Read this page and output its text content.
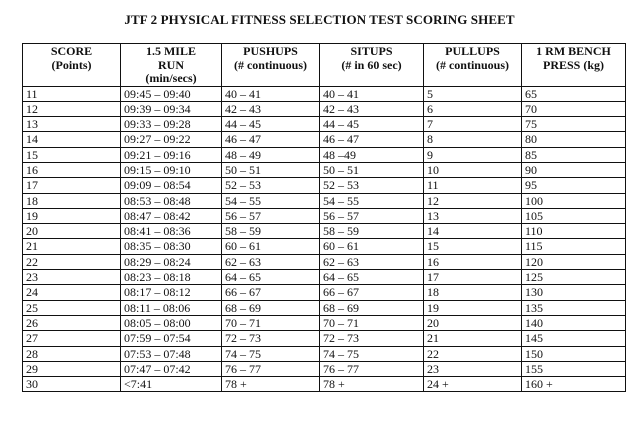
JTF 2 PHYSICAL FITNESS SELECTION TEST SCORING SHEET
SCORE
(Points)	1.5 MILE
RUN
(min/secs)	PUSHUPS
(# continuous)	SITUPS
(# in 60 sec)	PULLUPS
(# continuous)	1 RM BENCH
PRESS (kg)

11	09:45 – 09:40	40 – 41	40 – 41	5	65
12	09:39 – 09:34	42 – 43	42 – 43	6	70
13	09:33 – 09:28	44 – 45	44 – 45	7	75
14	09:27 – 09:22	46 – 47	46 – 47	8	80
15	09:21 – 09:16	48 – 49	48 –49	9	85
16	09:15 – 09:10	50 – 51	50 – 51	10	90
17	09:09 – 08:54	52 – 53	52 – 53	11	95
18	08:53 – 08:48	54 – 55	54 – 55	12	100
19	08:47 – 08:42	56 – 57	56 – 57	13	105
20	08:41 – 08:36	58 – 59	58 – 59	14	110
21	08:35 – 08:30	60 – 61	60 – 61	15	115
22	08:29 – 08:24	62 – 63	62 – 63	16	120
23	08:23 – 08:18	64 – 65	64 – 65	17	125
24	08:17 – 08:12	66 – 67	66 – 67	18	130
25	08:11 – 08:06	68 – 69	68 – 69	19	135
26	08:05 – 08:00	70 – 71	70 – 71	20	140
27	07:59 – 07:54	72 – 73	72 – 73	21	145
28	07:53 – 07:48	74 – 75	74 – 75	22	150
29	07:47 – 07:42	76 – 77	76 – 77	23	155
30	<7:41	78 +	78 +	24 +	160 +
